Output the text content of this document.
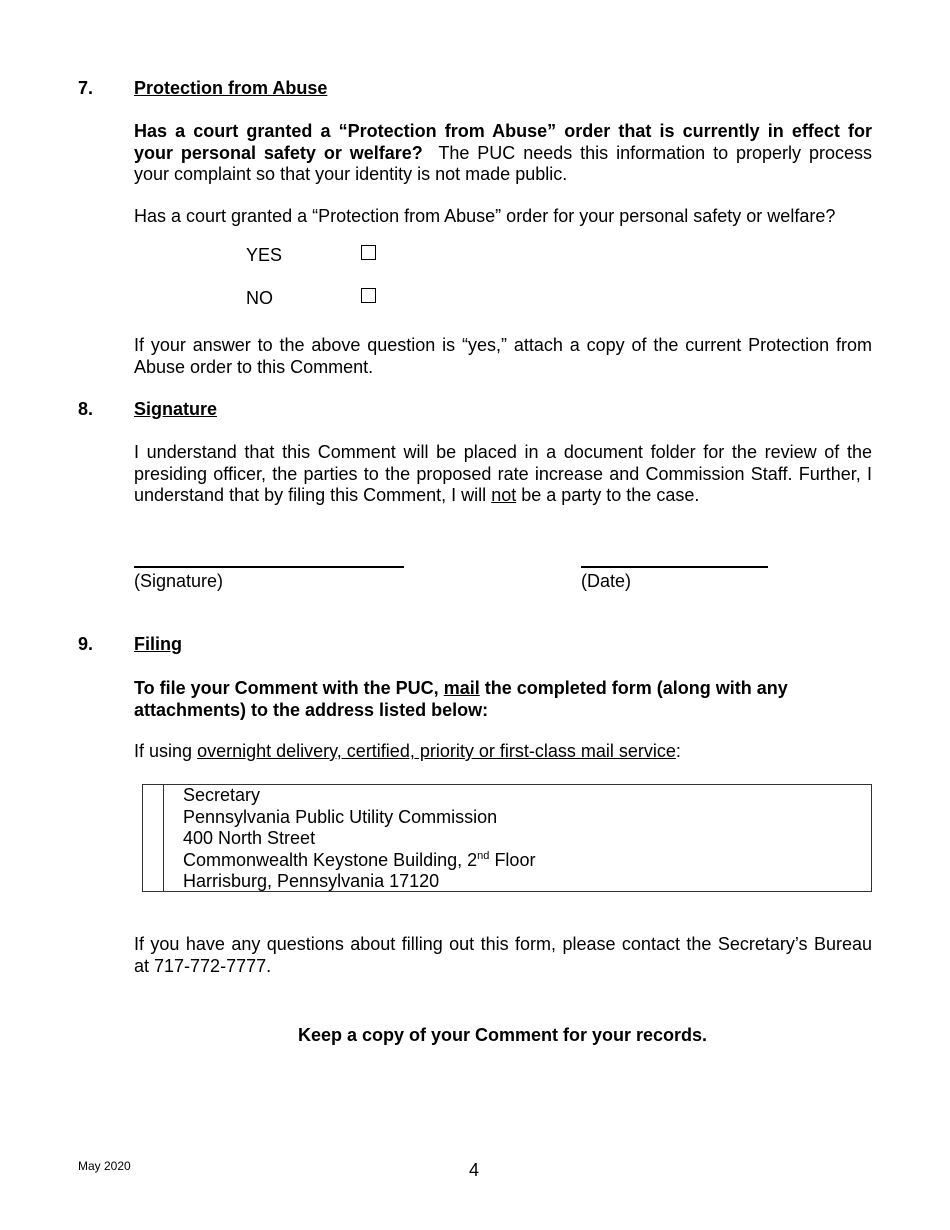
7. Protection from Abuse
Has a court granted a “Protection from Abuse” order that is currently in effect for your personal safety or welfare? The PUC needs this information to properly process your complaint so that your identity is not made public.
Has a court granted a “Protection from Abuse” order for your personal safety or welfare?
YES
NO
If your answer to the above question is “yes,” attach a copy of the current Protection from Abuse order to this Comment.
8. Signature
I understand that this Comment will be placed in a document folder for the review of the presiding officer, the parties to the proposed rate increase and Commission Staff. Further, I understand that by filing this Comment, I will not be a party to the case.
(Signature)	(Date)
9. Filing
To file your Comment with the PUC, mail the completed form (along with any attachments) to the address listed below:
If using overnight delivery, certified, priority or first-class mail service:
Secretary
Pennsylvania Public Utility Commission
400 North Street
Commonwealth Keystone Building, 2nd Floor
Harrisburg, Pennsylvania 17120
If you have any questions about filling out this form, please contact the Secretary’s Bureau at 717-772-7777.
Keep a copy of your Comment for your records.
May 2020	4
